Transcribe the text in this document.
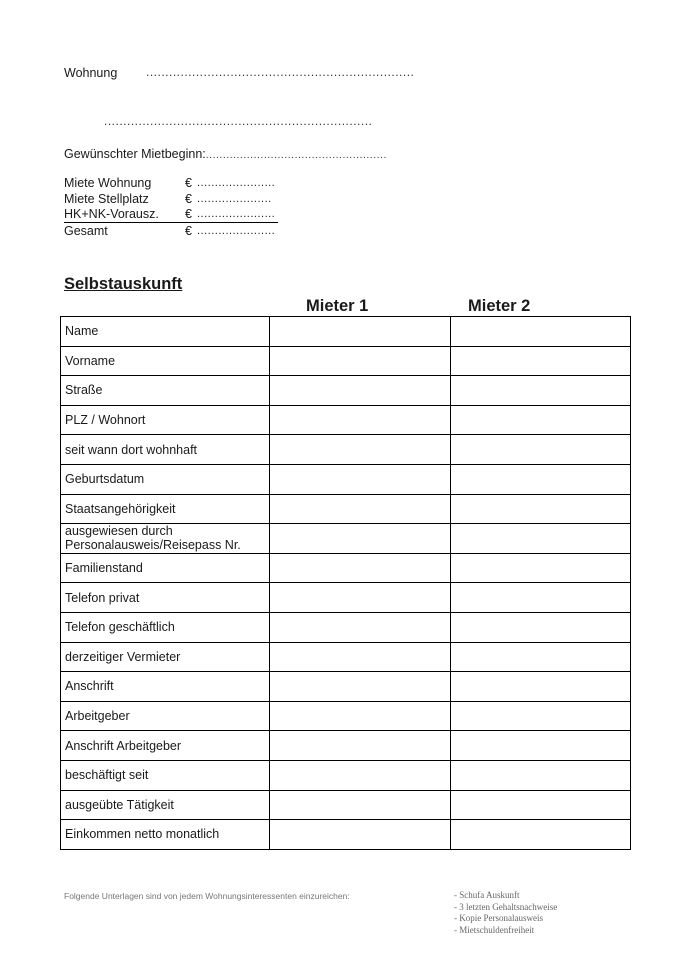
Wohnung ......................................................................
......................................................................
Gewünschter Mietbeginn:.....................................................
Miete Wohnung	€ ......................
Miete Stellplatz	€ .....................
HK+NK-Vorausz.	€ ......................
Gesamt	€ ......................
Selbstauskunft
Mieter 1	Mieter 2
Name		
Vorname		
Straße		
PLZ / Wohnort		
seit wann dort wohnhaft		
Geburtsdatum		
Staatsangehörigkeit		
ausgewiesen durch
Personalausweis/Reisepass Nr.		
Familienstand		
Telefon privat		
Telefon geschäftlich		
derzeitiger Vermieter		
Anschrift		
Arbeitgeber		
Anschrift Arbeitgeber		
beschäftigt seit		
ausgeübte Tätigkeit		
Einkommen netto monatlich		
Folgende Unterlagen sind von jedem Wohnungsinteressenten einzureichen:	- Schufa Auskunft
- 3 letzten Gehaltsnachweise
- Kopie Personalausweis
- Mietschuldenfreiheit
